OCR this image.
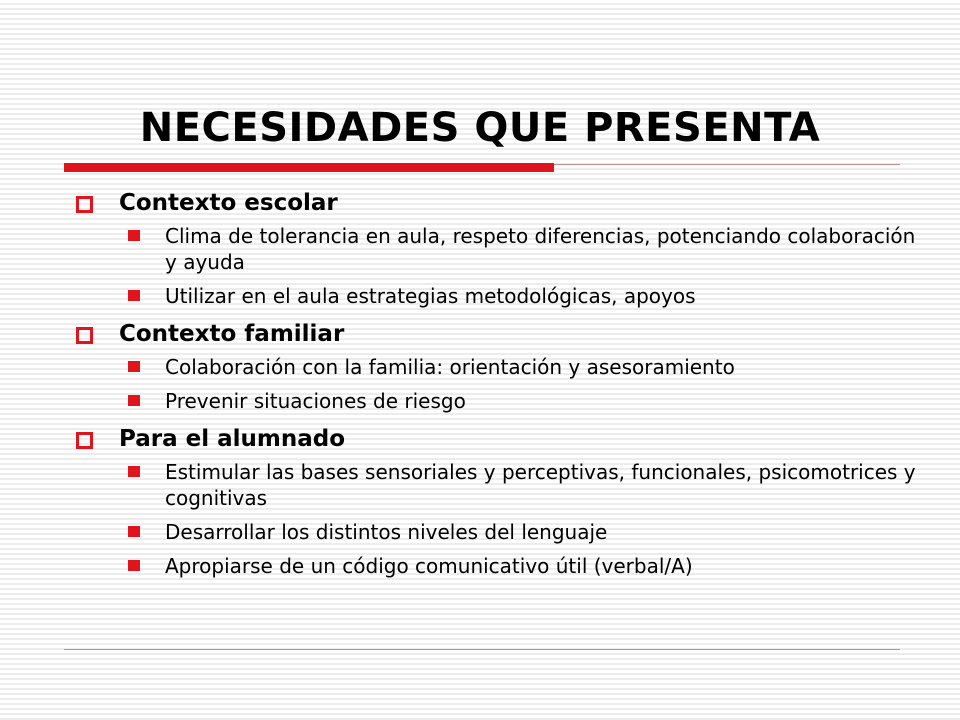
NECESIDADES QUE PRESENTA
Contexto escolar
Clima de tolerancia en aula, respeto diferencias, potenciando colaboración y ayuda
Utilizar en el aula estrategias metodológicas, apoyos
Contexto familiar
Colaboración con la familia: orientación y asesoramiento
Prevenir situaciones de riesgo
Para el alumnado
Estimular las bases sensoriales y perceptivas, funcionales, psicomotrices y cognitivas
Desarrollar los distintos niveles del lenguaje
Apropiarse de un código comunicativo útil (verbal/A)
